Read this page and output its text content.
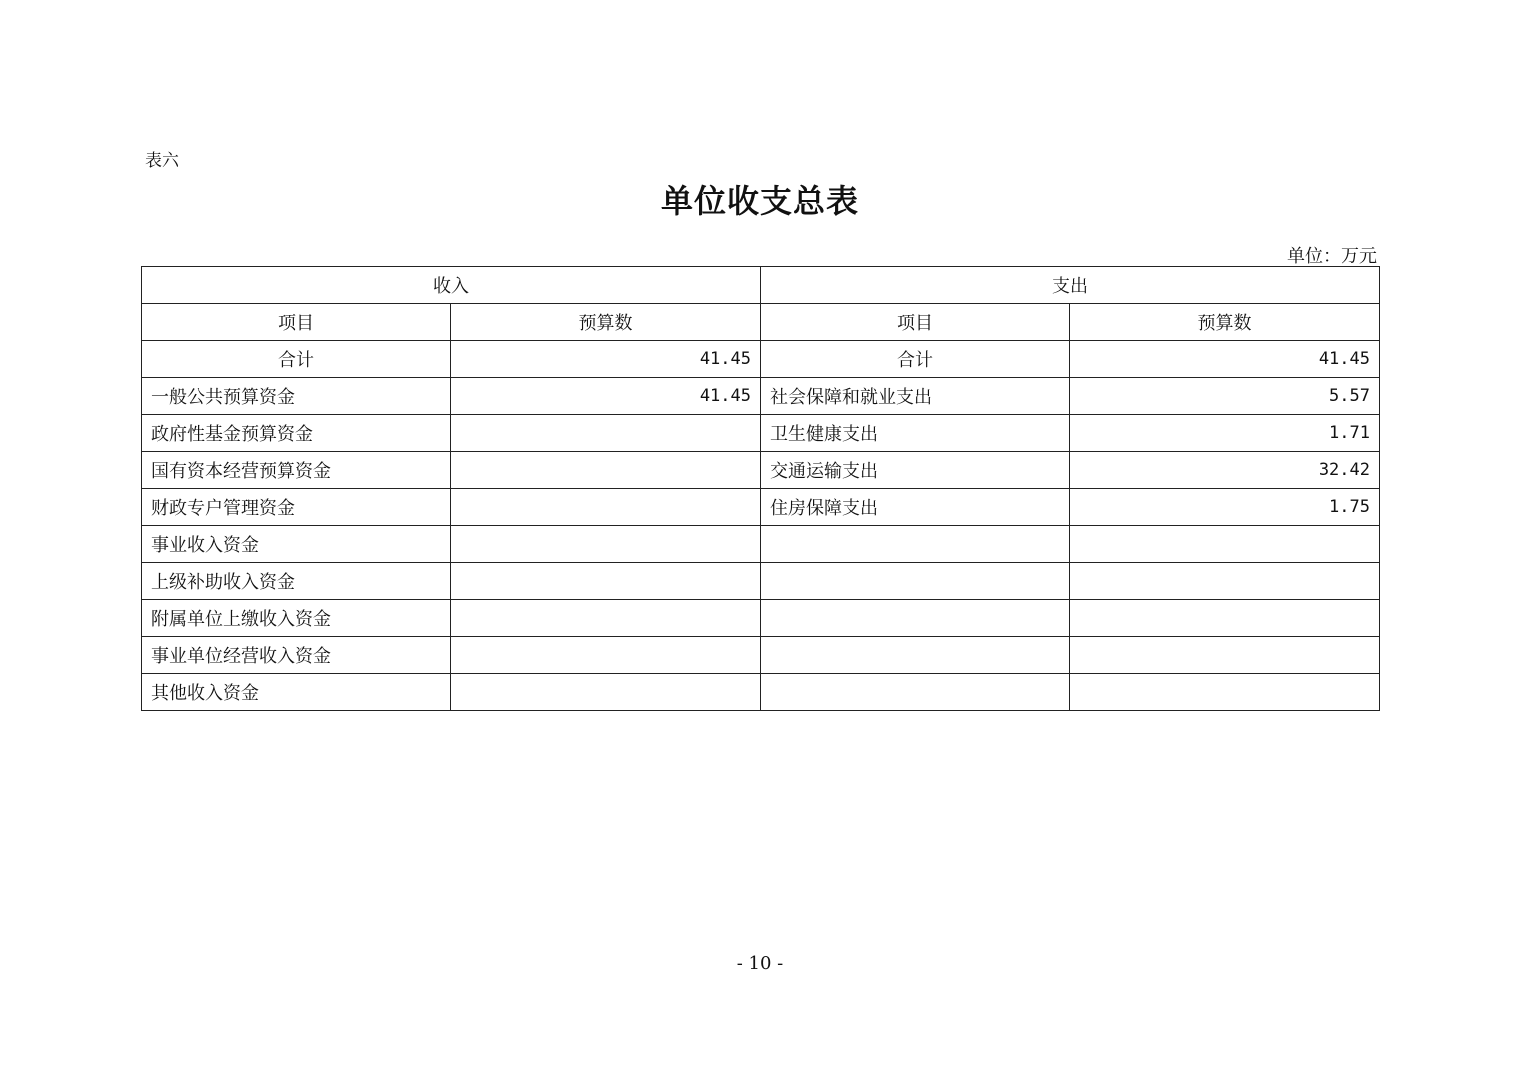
表六
单位收支总表
单位：万元
收入		支出	
项目	预算数	项目	预算数
合计	41.45	合计	41.45
一般公共预算资金	41.45	社会保障和就业支出	5.57
政府性基金预算资金		卫生健康支出	1.71
国有资本经营预算资金		交通运输支出	32.42
财政专户管理资金		住房保障支出	1.75
事业收入资金			
上级补助收入资金			
附属单位上缴收入资金			
事业单位经营收入资金			
其他收入资金			
- 10 -
